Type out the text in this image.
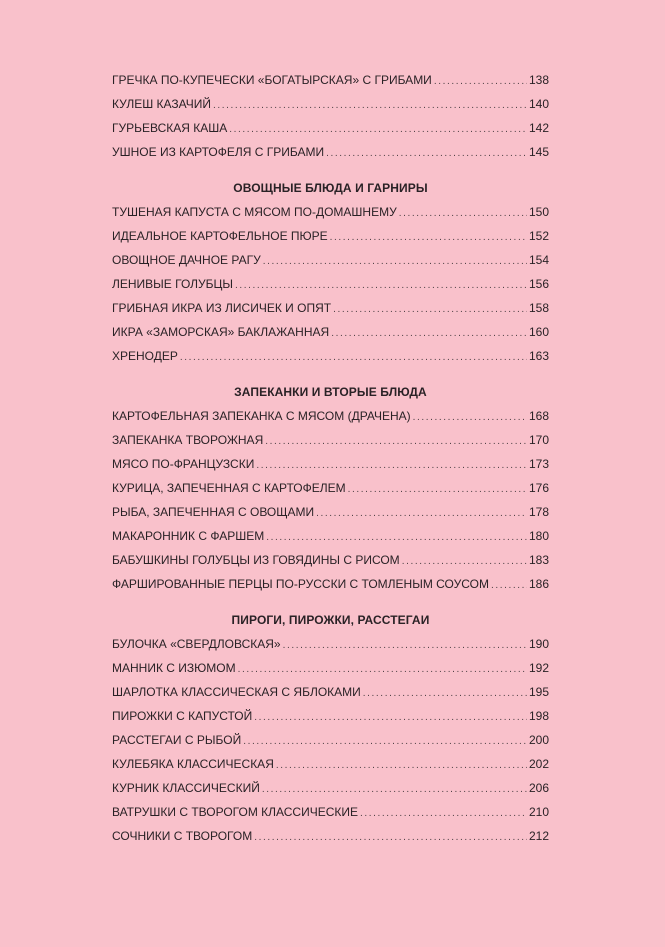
ГРЕЧКА ПО-КУПЕЧЕСКИ «БОГАТЫРСКАЯ» С ГРИБАМИ .....	138
КУЛЕШ КАЗАЧИЙ .....	140
ГУРЬЕВСКАЯ КАША .....	142
УШНОЕ ИЗ КАРТОФЕЛЯ С ГРИБАМИ .....	145
ОВОЩНЫЕ БЛЮДА И ГАРНИРЫ
ТУШЕНАЯ КАПУСТА С МЯСОМ ПО-ДОМАШНЕМУ .....	150
ИДЕАЛЬНОЕ КАРТОФЕЛЬНОЕ ПЮРЕ .....	152
ОВОЩНОЕ ДАЧНОЕ РАГУ .....	154
ЛЕНИВЫЕ ГОЛУБЦЫ .....	156
ГРИБНАЯ ИКРА ИЗ ЛИСИЧЕК И ОПЯТ .....	158
ИКРА «ЗАМОРСКАЯ» БАКЛАЖАННАЯ .....	160
ХРЕНОДЕР .....	163
ЗАПЕКАНКИ И ВТОРЫЕ БЛЮДА
КАРТОФЕЛЬНАЯ ЗАПЕКАНКА С МЯСОМ (ДРАЧЕНА) .....	168
ЗАПЕКАНКА ТВОРОЖНАЯ .....	170
МЯСО ПО-ФРАНЦУЗСКИ .....	173
КУРИЦА, ЗАПЕЧЕННАЯ С КАРТОФЕЛЕМ .....	176
РЫБА, ЗАПЕЧЕННАЯ С ОВОЩАМИ .....	178
МАКАРОННИК С ФАРШЕМ .....	180
БАБУШКИНЫ ГОЛУБЦЫ ИЗ ГОВЯДИНЫ С РИСОМ .....	183
ФАРШИРОВАННЫЕ ПЕРЦЫ ПО-РУССКИ С ТОМЛЕНЫМ СОУСОМ .....	186
ПИРОГИ, ПИРОЖКИ, РАССТЕГАИ
БУЛОЧКА «СВЕРДЛОВСКАЯ» .....	190
МАННИК С ИЗЮМОМ .....	192
ШАРЛОТКА КЛАССИЧЕСКАЯ С ЯБЛОКАМИ .....	195
ПИРОЖКИ С КАПУСТОЙ .....	198
РАССТЕГАИ С РЫБОЙ .....	200
КУЛЕБЯКА КЛАССИЧЕСКАЯ .....	202
КУРНИК КЛАССИЧЕСКИЙ .....	206
ВАТРУШКИ С ТВОРОГОМ КЛАССИЧЕСКИЕ .....	210
СОЧНИКИ С ТВОРОГОМ .....	212
